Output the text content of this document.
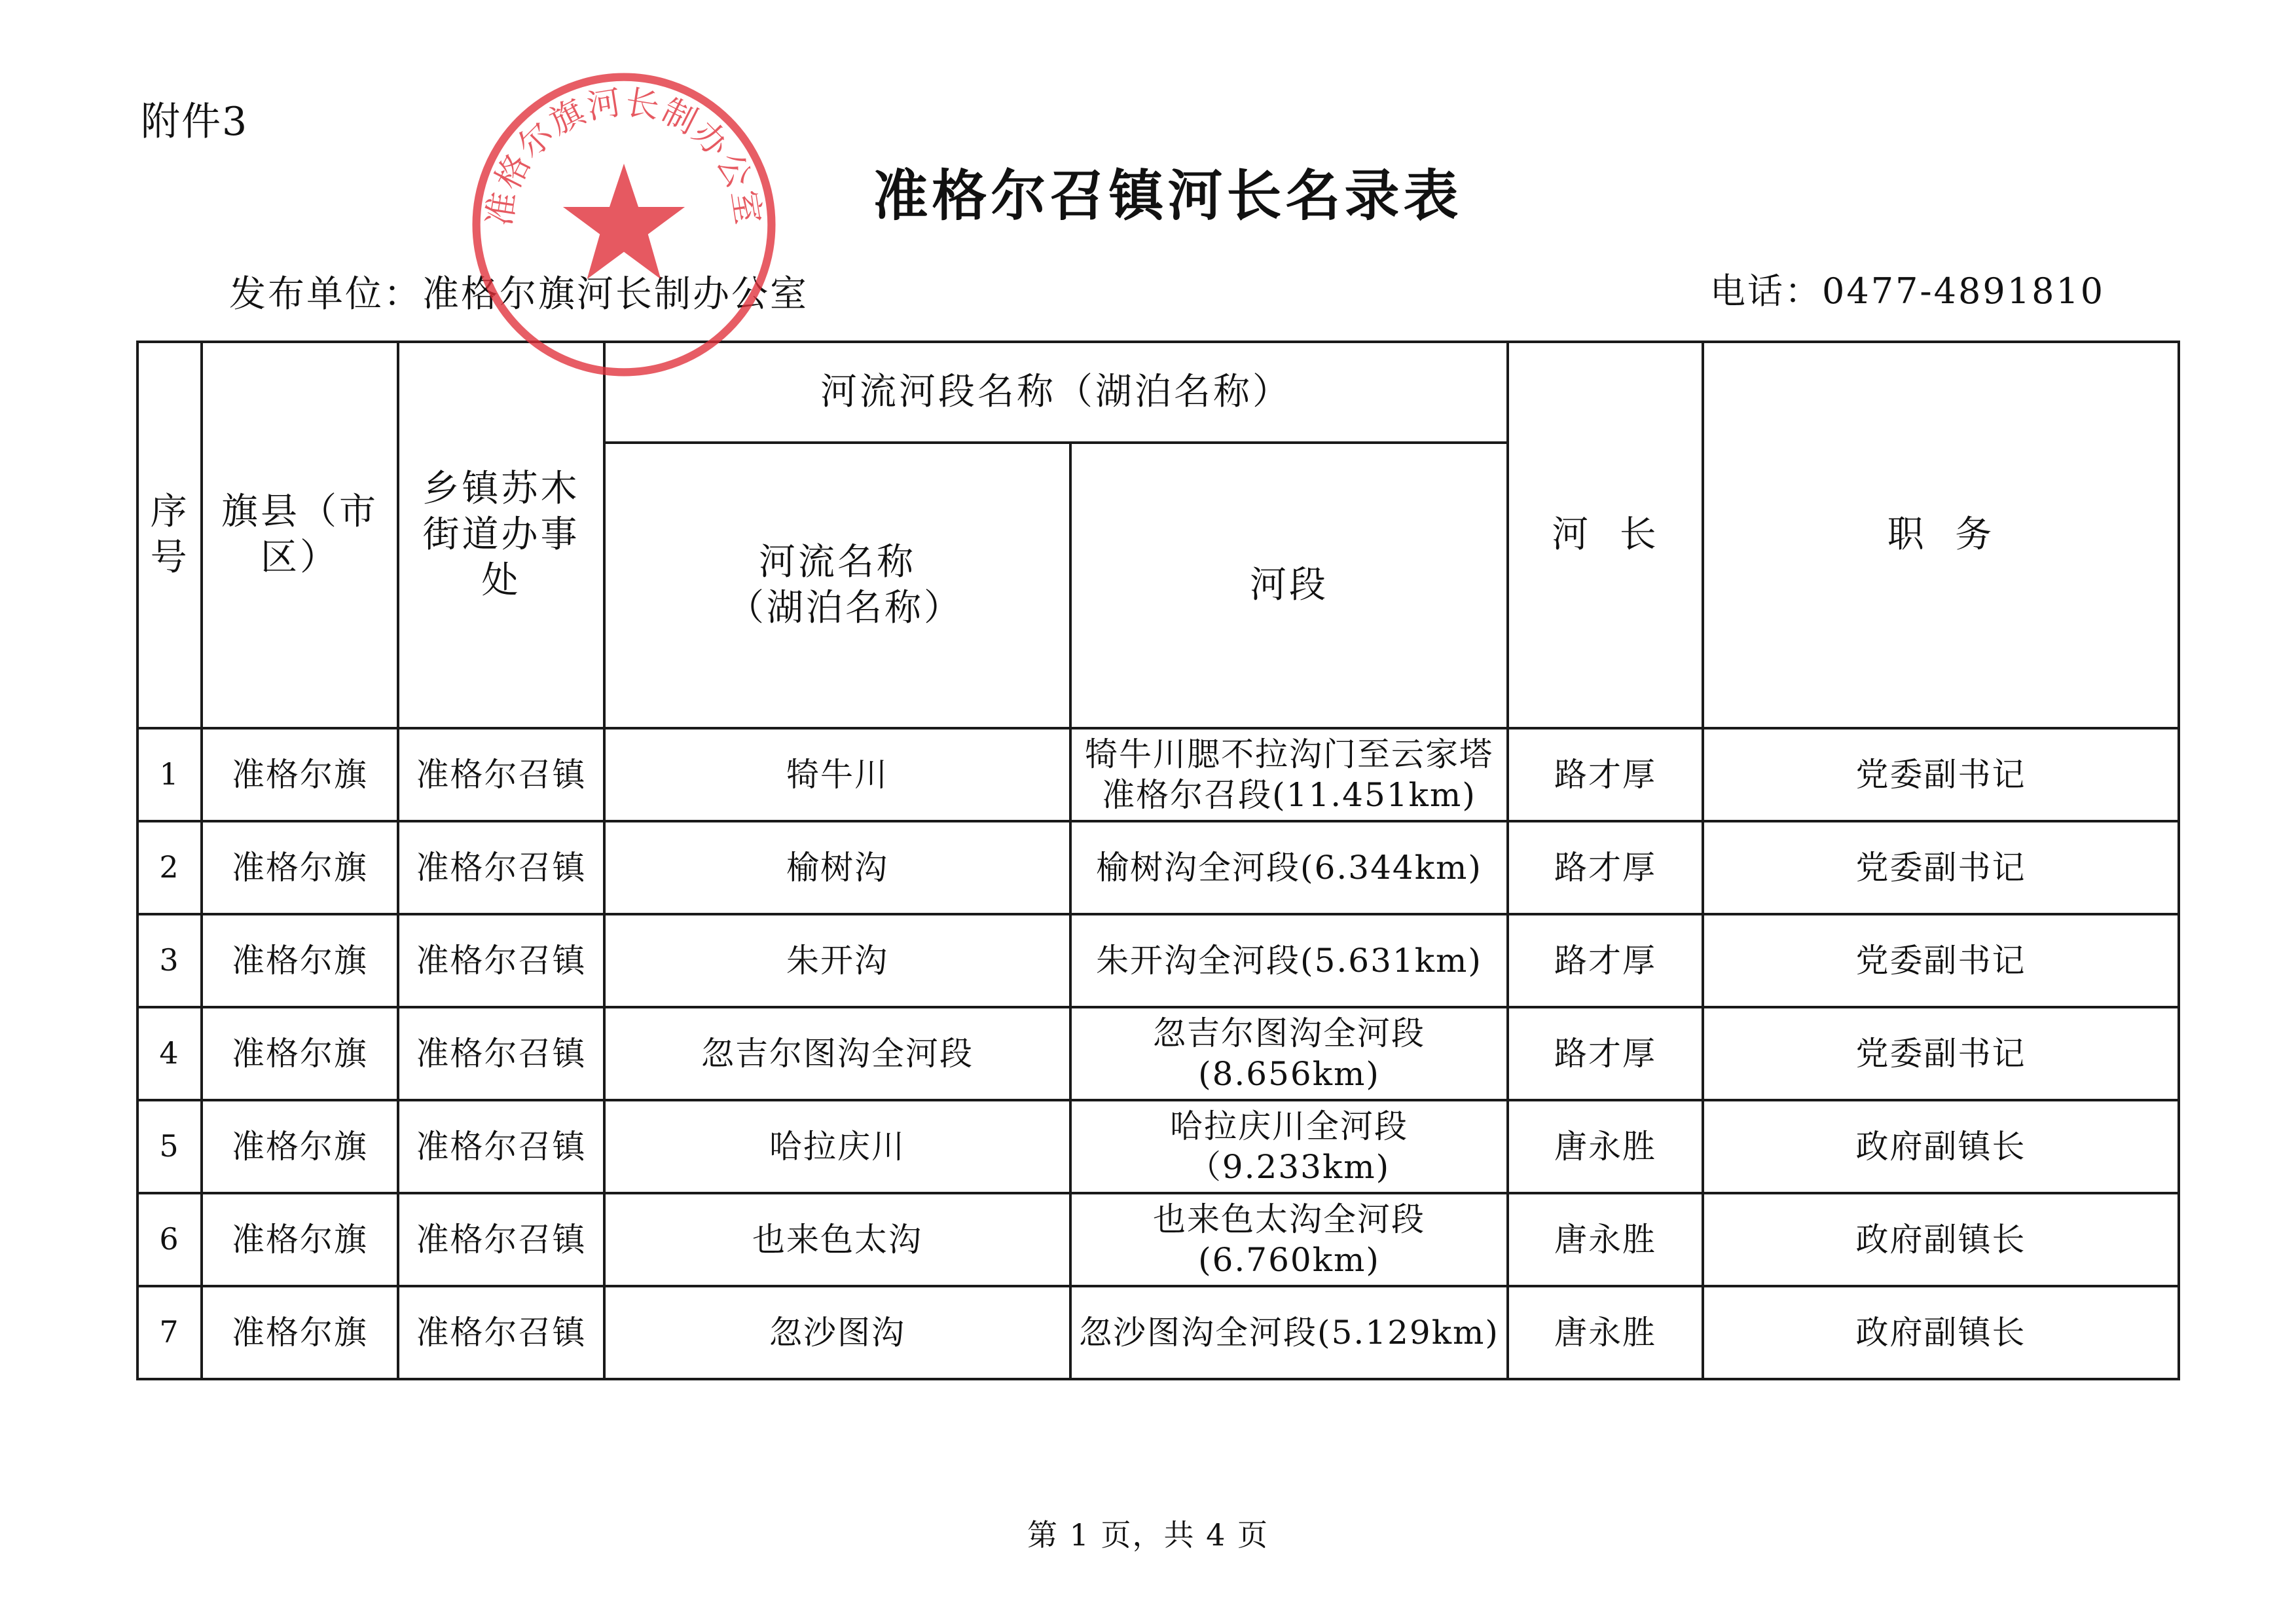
附件3
准格尔召镇河长名录表
发布单位：准格尔旗河长制办公室	电话：0477-4891810
序号	旗县（市区）	乡镇苏木街道办事处	河流河段名称（湖泊名称）		河  长	职  务
			河流名称（湖泊名称）	河段		
1	准格尔旗	准格尔召镇	犄牛川	犄牛川腮不拉沟门至云家塔准格尔召段(11.451km)	路才厚	党委副书记
2	准格尔旗	准格尔召镇	榆树沟	榆树沟全河段(6.344km)	路才厚	党委副书记
3	准格尔旗	准格尔召镇	朱开沟	朱开沟全河段(5.631km)	路才厚	党委副书记
4	准格尔旗	准格尔召镇	忽吉尔图沟全河段	忽吉尔图沟全河段(8.656km)	路才厚	党委副书记
5	准格尔旗	准格尔召镇	哈拉庆川	哈拉庆川全河段（9.233km)	唐永胜	政府副镇长
6	准格尔旗	准格尔召镇	也来色太沟	也来色太沟全河段(6.760km)	唐永胜	政府副镇长
7	准格尔旗	准格尔召镇	忽沙图沟	忽沙图沟全河段(5.129km)	唐永胜	政府副镇长
第 1 页，共 4 页
准格尔旗河长制办公室
